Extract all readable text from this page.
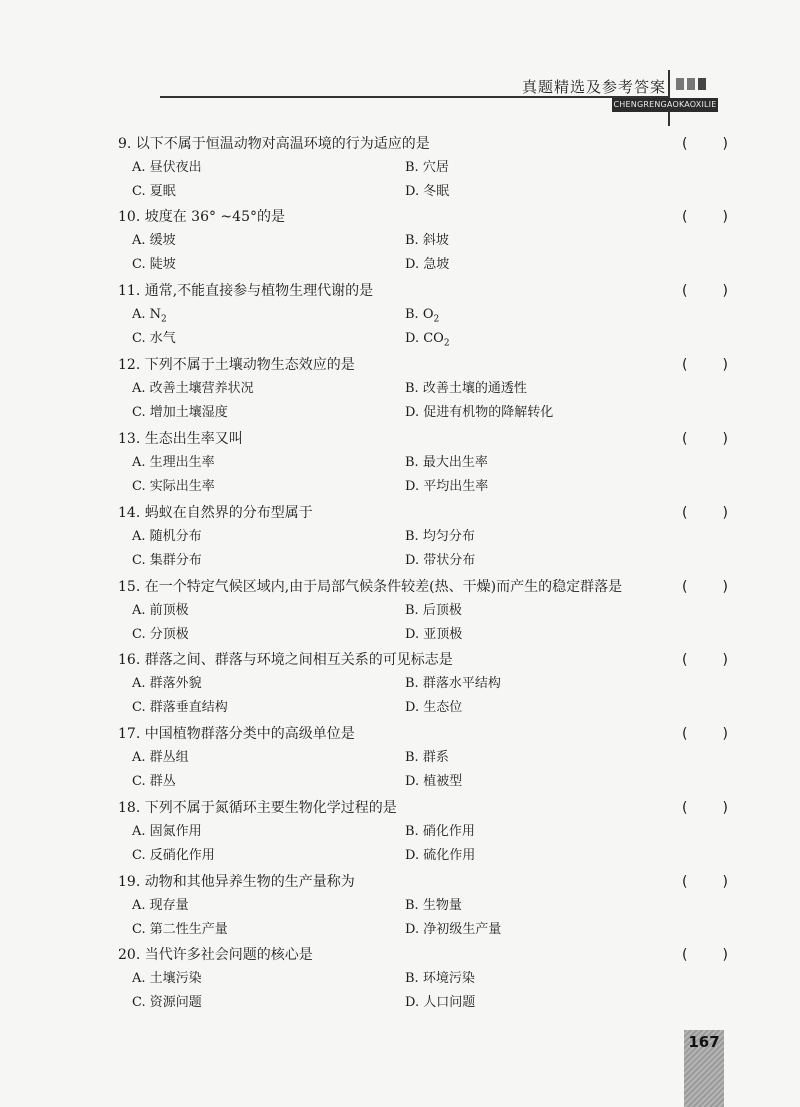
真题精选及参考答案
CHENGRENGAOKAOXILIE
9. 以下不属于恒温动物对高温环境的行为适应的是	(	)
A. 昼伏夜出	B. 穴居
C. 夏眠	D. 冬眠
10. 坡度在 36° ~45°的是	(	)
A. 缓坡	B. 斜坡
C. 陡坡	D. 急坡
11. 通常,不能直接参与植物生理代谢的是	(	)
A. $N_2$	B. $O_2$
C. 水气	D. $CO_2$
12. 下列不属于土壤动物生态效应的是	(	)
A. 改善土壤营养状况	B. 改善土壤的通透性
C. 增加土壤湿度	D. 促进有机物的降解转化
13. 生态出生率又叫	(	)
A. 生理出生率	B. 最大出生率
C. 实际出生率	D. 平均出生率
14. 蚂蚁在自然界的分布型属于	(	)
A. 随机分布	B. 均匀分布
C. 集群分布	D. 带状分布
15. 在一个特定气候区域内,由于局部气候条件较差(热、干燥)而产生的稳定群落是	(	)
A. 前顶极	B. 后顶极
C. 分顶极	D. 亚顶极
16. 群落之间、群落与环境之间相互关系的可见标志是	(	)
A. 群落外貌	B. 群落水平结构
C. 群落垂直结构	D. 生态位
17. 中国植物群落分类中的高级单位是	(	)
A. 群丛组	B. 群系
C. 群丛	D. 植被型
18. 下列不属于氮循环主要生物化学过程的是	(	)
A. 固氮作用	B. 硝化作用
C. 反硝化作用	D. 硫化作用
19. 动物和其他异养生物的生产量称为	(	)
A. 现存量	B. 生物量
C. 第二性生产量	D. 净初级生产量
20. 当代许多社会问题的核心是	(	)
A. 土壤污染	B. 环境污染
C. 资源问题	D. 人口问题
167
